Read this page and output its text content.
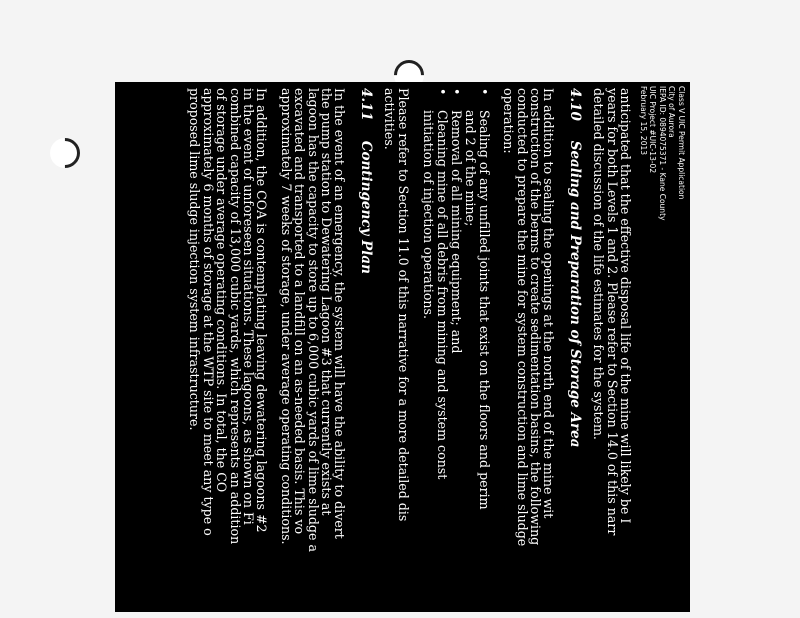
Class V UIC Permit Application
City of Aurora
IEPA ID: 0894075371 - Kane County
UIC Project #UIC-13-02
February 15, 2013

anticipated that the effective disposal life of the mine will likely be I
years for both Levels 1 and 2. Please refer to Section 14.0 of this narr
detailed discussion of the life estimates for the system.

4.10 Sealing and Preparation of Storage Area

In addition to sealing the openings at the north end of the mine wit
construction of the berms to create sedimentation basins, the following
conducted to prepare the mine for system construction and lime sludge
operation:

•
Sealing of any unfilled joints that exist on the floors and perim
and 2 of the mine;
•
Removal of all mining equipment; and
•
Cleaning mine of all debris from mining and system const
initiation of injection operations.

Please refer to Section 11.0 of this narrative for a more detailed dis
activities.

4.11 Contingency Plan

In the event of an emergency, the system will have the ability to divert
the pump station to Dewatering Lagoon #3 that currently exists at
lagoon has the capacity to store up to 6,000 cubic yards of lime sludge a
excavated and transported to a landfill on an as-needed basis. This vo
approximately 7 weeks of storage, under average operating conditions.

In addition, the COA is contemplating leaving dewatering lagoons #2
in the event of unforeseen situations. These lagoons, as shown on Fi
combined capacity of 13,000 cubic yards, which represents an addition
of storage under average operating conditions. In total, the CO
approximately 6 months of storage at the WTP site to meet any type o
proposed lime sludge injection system infrastructure.
